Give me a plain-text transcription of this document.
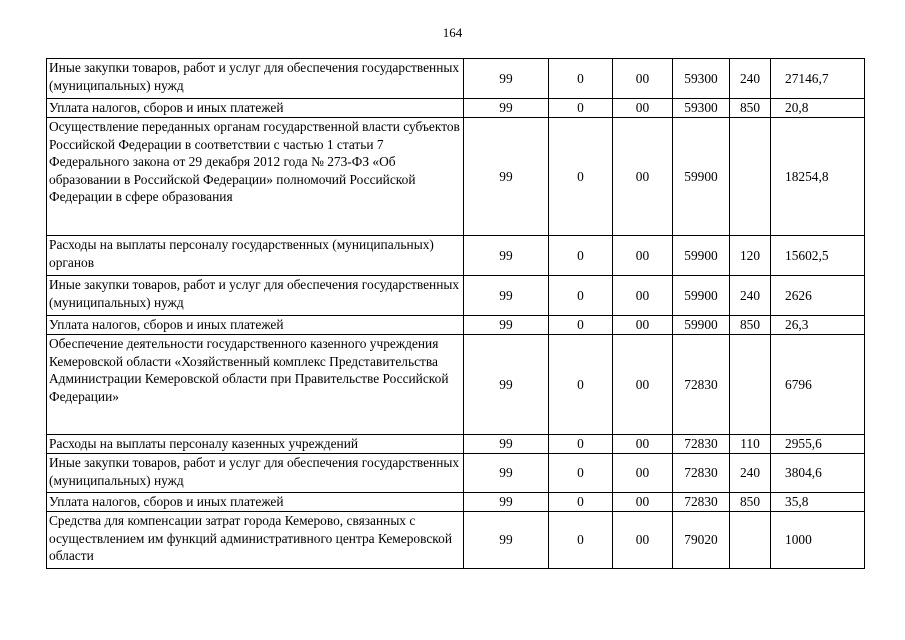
164
Иные закупки товаров, работ и услуг для обеспечения государственных (муниципальных) нужд	99	0	00	59300	240	27146,7
Уплата налогов, сборов и иных платежей	99	0	00	59300	850	20,8
Осуществление переданных органам государственной власти субъектов Российской Федерации в соответствии с частью 1 статьи 7 Федерального закона от 29 декабря 2012 года № 273-ФЗ «Об образовании в Российской Федерации» полномочий Российской Федерации в сфере образования	99	0	00	59900		18254,8
Расходы на выплаты персоналу государственных (муниципальных) органов	99	0	00	59900	120	15602,5
Иные закупки товаров, работ и услуг для обеспечения государственных (муниципальных) нужд	99	0	00	59900	240	2626
Уплата налогов, сборов и иных платежей	99	0	00	59900	850	26,3
Обеспечение деятельности государственного казенного учреждения Кемеровской области «Хозяйственный комплекс Представительства Администрации Кемеровской области при Правительстве Российской Федерации»	99	0	00	72830		6796
Расходы на выплаты персоналу казенных учреждений	99	0	00	72830	110	2955,6
Иные закупки товаров, работ и услуг для обеспечения государственных (муниципальных) нужд	99	0	00	72830	240	3804,6
Уплата налогов, сборов и иных платежей	99	0	00	72830	850	35,8
Средства для компенсации затрат города Кемерово, связанных с осуществлением им функций административного центра Кемеровской области	99	0	00	79020		1000
